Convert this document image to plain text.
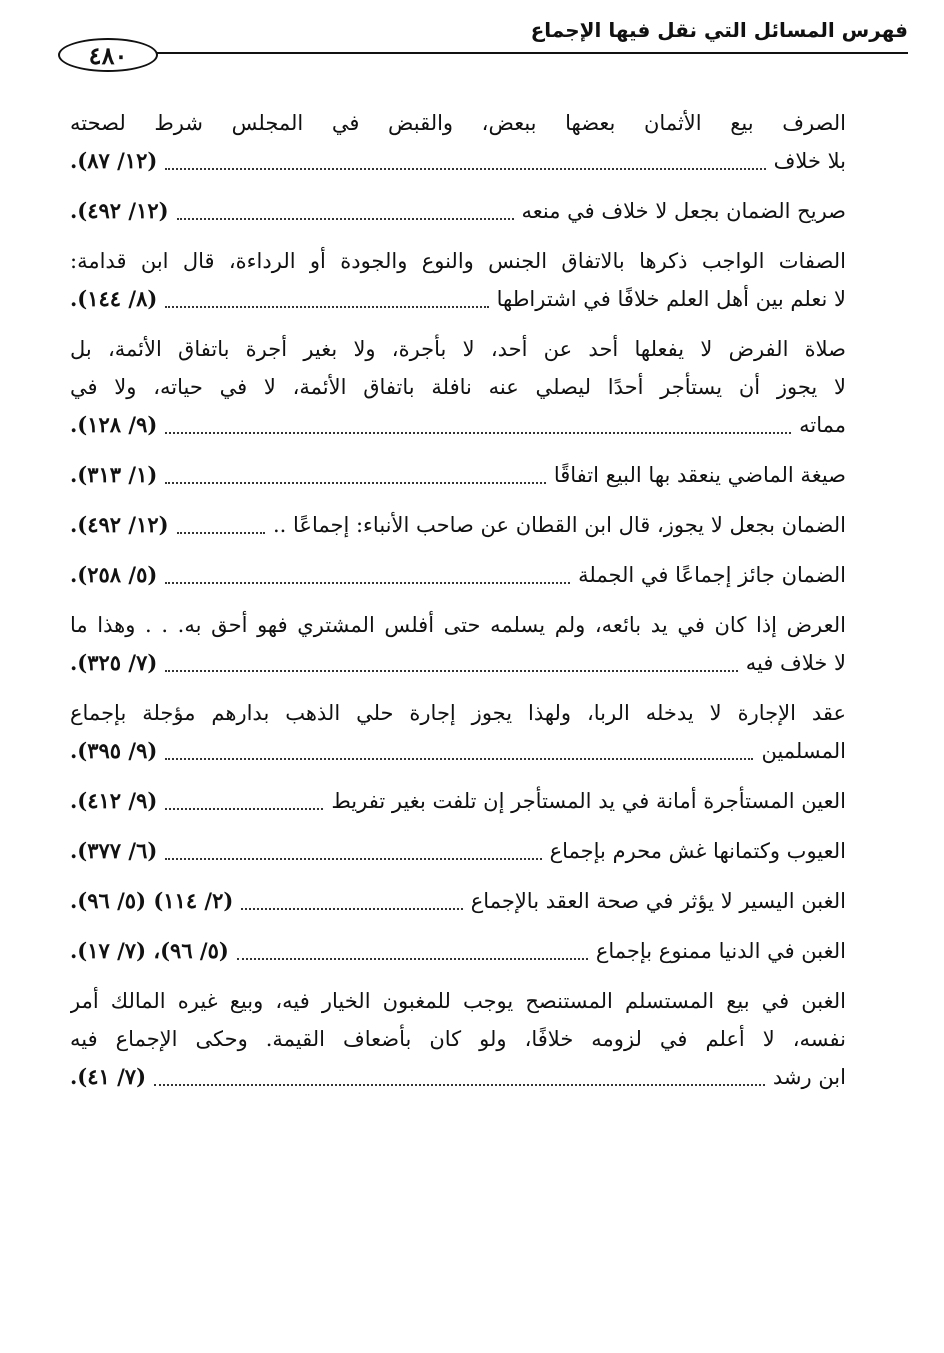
٤٨٠
فهرس المسائل التي نقل فيها الإجماع
الصرف بيع الأثمان بعضها ببعض، والقبض في المجلس شرط لصحته
بلا خلاف
(١٢/ ٨٧).
صريح الضمان بجعل لا خلاف في منعه
(١٢/ ٤٩٢).
الصفات الواجب ذكرها بالاتفاق الجنس والنوع والجودة أو الرداءة، قال ابن قدامة:
لا نعلم بين أهل العلم خلافًا في اشتراطها
(٨/ ١٤٤).
صلاة الفرض لا يفعلها أحد عن أحد، لا بأجرة، ولا بغير أجرة باتفاق الأئمة، بل
لا يجوز أن يستأجر أحدًا ليصلي عنه نافلة باتفاق الأئمة، لا في حياته، ولا في
مماته
(٩/ ١٢٨).
صيغة الماضي ينعقد بها البيع اتفاقًا
(١/ ٣١٣).
الضمان بجعل لا يجوز، قال ابن القطان عن صاحب الأنباء: إجماعًا ..
(١٢/ ٤٩٢).
الضمان جائز إجماعًا في الجملة
(٥/ ٢٥٨).
العرض إذا كان في يد بائعه، ولم يسلمه حتى أفلس المشتري فهو أحق به. . . وهذا ما
لا خلاف فيه
(٧/ ٣٢٥).
عقد الإجارة لا يدخله الربا، ولهذا يجوز إجارة حلي الذهب بدارهم مؤجلة بإجماع
المسلمين
(٩/ ٣٩٥).
العين المستأجرة أمانة في يد المستأجر إن تلفت بغير تفريط
(٩/ ٤١٢).
العيوب وكتمانها غش محرم بإجماع
(٦/ ٣٧٧).
الغبن اليسير لا يؤثر في صحة العقد بالإجماع
(٢/ ١١٤) (٥/ ٩٦).
الغبن في الدنيا ممنوع بإجماع
(٥/ ٩٦)، (٧/ ١٧).
الغبن في بيع المستسلم المستنصح يوجب للمغبون الخيار فيه، وبيع غيره المالك أمر
نفسه، لا أعلم في لزومه خلافًا، ولو كان بأضعاف القيمة. وحكى الإجماع فيه
ابن رشد
(٧/ ٤١).
